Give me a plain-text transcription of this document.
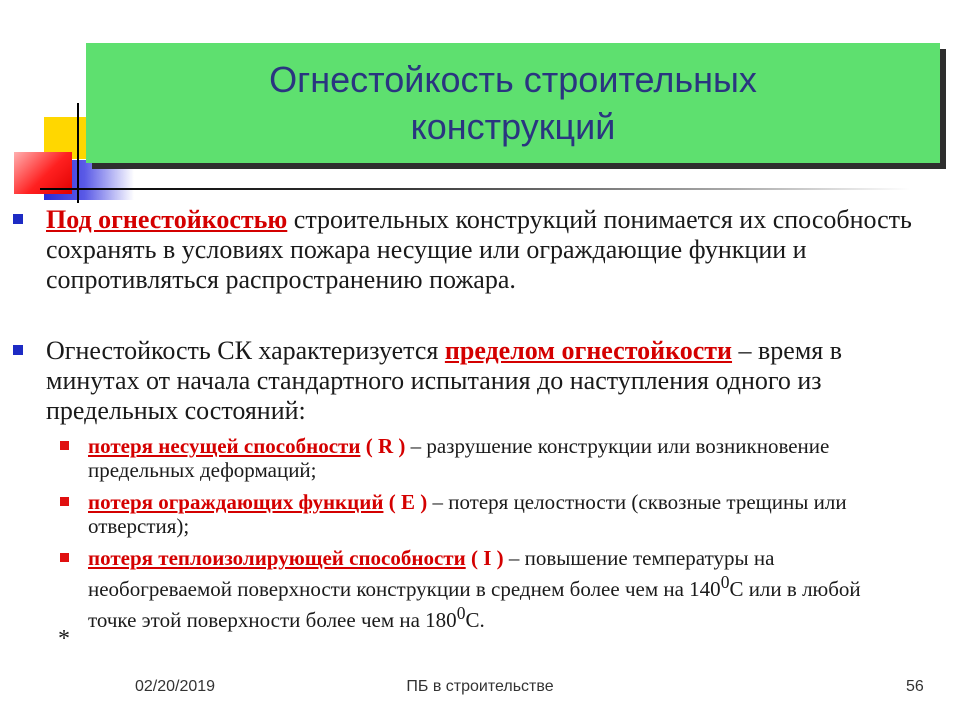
Огнестойкость строительных конструкций
Под огнестойкостью строительных конструкций понимается их способность сохранять в условиях пожара несущие или ограждающие функции и сопротивляться распространению пожара.
Огнестойкость СК характеризуется пределом огнестойкости – время в минутах от начала стандартного испытания до наступления одного из предельных состояний:
потеря несущей способности ( R ) – разрушение конструкции или возникновение предельных деформаций;
потеря ограждающих функций ( E ) – потеря целостности (сквозные трещины или отверстия);
потеря теплоизолирующей способности ( I ) – повышение температуры на необогреваемой поверхности конструкции в среднем более чем на $140^0С$ или в любой точке этой поверхности более чем на $180^0С$.
*
02/20/2019	ПБ в строительстве	56
